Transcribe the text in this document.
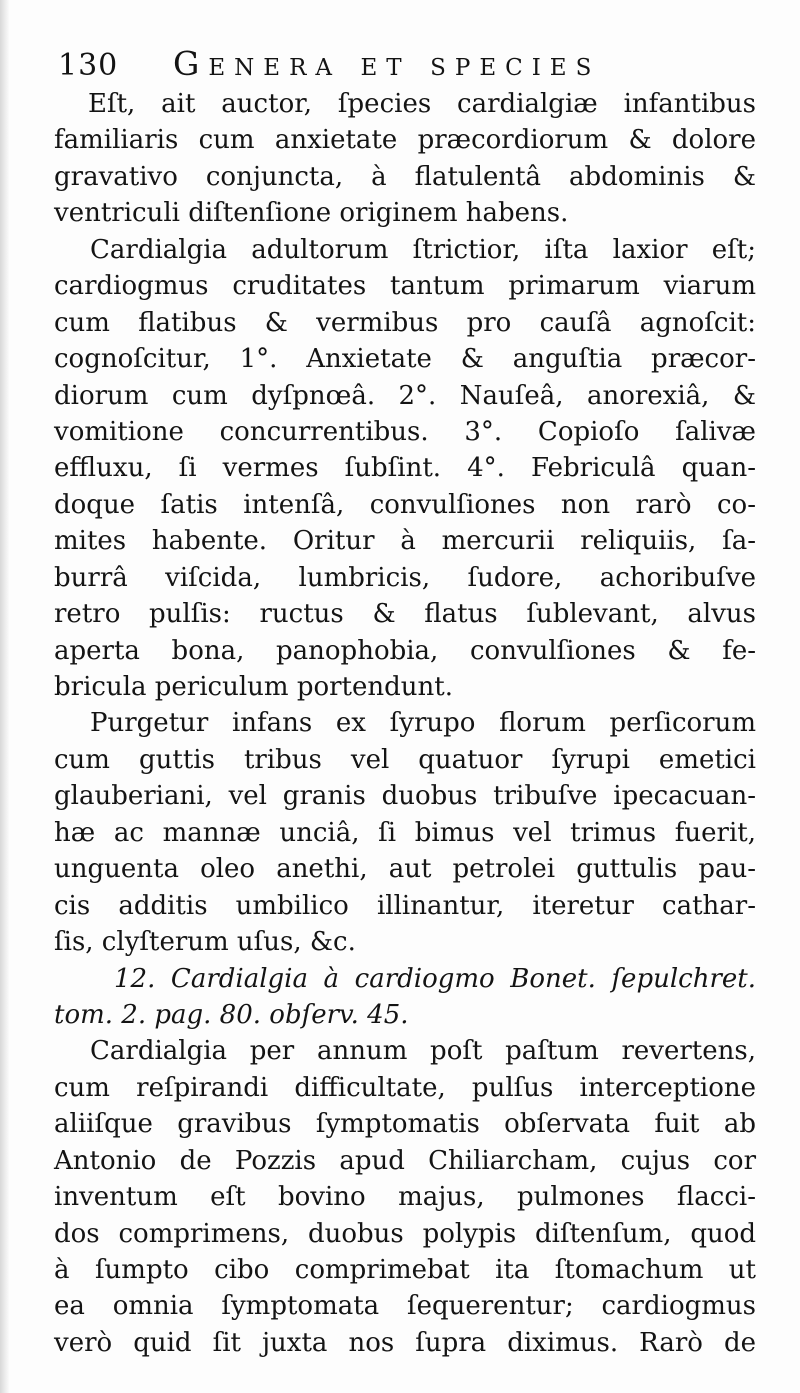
130 Genera et species
Eſt, ait auctor, ſpecies cardialgiæ infantibus
familiaris cum anxietate præcordiorum & dolore
gravativo conjuncta, à flatulentâ abdominis &
ventriculi diſtenſione originem habens.
Cardialgia adultorum ſtrictior, iſta laxior eſt;
cardiogmus cruditates tantum primarum viarum
cum flatibus & vermibus pro cauſâ agnoſcit:
cognoſcitur, 1°. Anxietate & anguſtia præcor-
diorum cum dyſpnœâ. 2°. Nauſeâ, anorexiâ, &
vomitione concurrentibus. 3°. Copioſo ſalivæ
effluxu, ſi vermes ſubſint. 4°. Febriculâ quan-
doque ſatis intenſâ, convulſiones non rarò co-
mites habente. Oritur à mercurii reliquiis, ſa-
burrâ viſcida, lumbricis, ſudore, achoribuſve
retro pulſis: ructus & flatus ſublevant, alvus
aperta bona, panophobia, convulſiones & fe-
bricula periculum portendunt.
Purgetur infans ex ſyrupo florum perſicorum
cum guttis tribus vel quatuor ſyrupi emetici
glauberiani, vel granis duobus tribuſve ipecacuan-
hæ ac mannæ unciâ, ſi bimus vel trimus fuerit,
unguenta oleo anethi, aut petrolei guttulis pau-
cis additis umbilico illinantur, iteretur cathar-
ſis, clyſterum uſus, &c.
12. Cardialgia à cardiogmo Bonet. ſepulchret.
tom. 2. pag. 80. obſerv. 45.
Cardialgia per annum poſt paſtum revertens,
cum reſpirandi difficultate, pulſus interceptione
aliiſque gravibus ſymptomatis obſervata fuit ab
Antonio de Pozzis apud Chiliarcham, cujus cor
inventum eſt bovino majus, pulmones flacci-
dos comprimens, duobus polypis diſtenſum, quod
à ſumpto cibo comprimebat ita ſtomachum ut
ea omnia ſymptomata ſequerentur; cardiogmus
verò quid ſit juxta nos ſupra diximus. Rarò de
